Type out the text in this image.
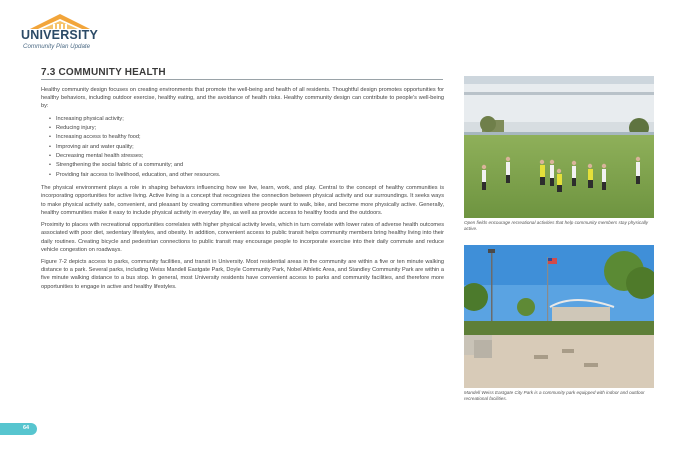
UNIVERSITY
Community Plan Update
7.3 COMMUNITY HEALTH

Healthy community design focuses on creating environments that promote the well-being and health of all residents. Thoughtful design promotes opportunities for healthy behaviors, including outdoor exercise, healthy eating, and the avoidance of health risks. Healthy community design can contribute to people’s well-being by:

• Increasing physical activity;
• Reducing injury;
• Increasing access to healthy food;
• Improving air and water quality;
• Decreasing mental health stresses;
• Strengthening the social fabric of a community; and
• Providing fair access to livelihood, education, and other resources.

The physical environment plays a role in shaping behaviors influencing how we live, learn, work, and play. Central to the concept of healthy communities is incorporating opportunities for active living. Active living is a concept that recognizes the connection between physical activity and our surroundings. It seeks ways to make physical activity safe, convenient, and pleasant by creating communities where people want to walk, bike, and become more physically active. Generally, healthy communities make it easy to include physical activity in everyday life, as well as provide access to healthy foods and the outdoors.

Proximity to places with recreational opportunities correlates with higher physical activity levels, which in turn correlate with lower rates of adverse health outcomes associated with poor diet, sedentary lifestyles, and obesity. In addition, convenient access to public transit helps community members bring healthy living into their daily routines. Creating bicycle and pedestrian connections to public transit may encourage people to incorporate exercise into their daily commute and reduce vehicle congestion on roadways.

Figure 7-2 depicts access to parks, community facilities, and transit in University. Most residential areas in the community are within a five or ten minute walking distance to a park. Several parks, including Weiss Mandell Eastgate Park, Doyle Community Park, Nobel Athletic Area, and Standley Community Park are within a five minute walking distance to a bus stop. In general, most University residents have convenient access to parks and community facilities, and therefore more opportunities to engage in active and healthy lifestyles.

Open fields encourage recreational activities that help community members stay physically active.

Mandell Weiss Eastgate City Park is a community park equipped with indoor and outdoor recreational facilities.

64
